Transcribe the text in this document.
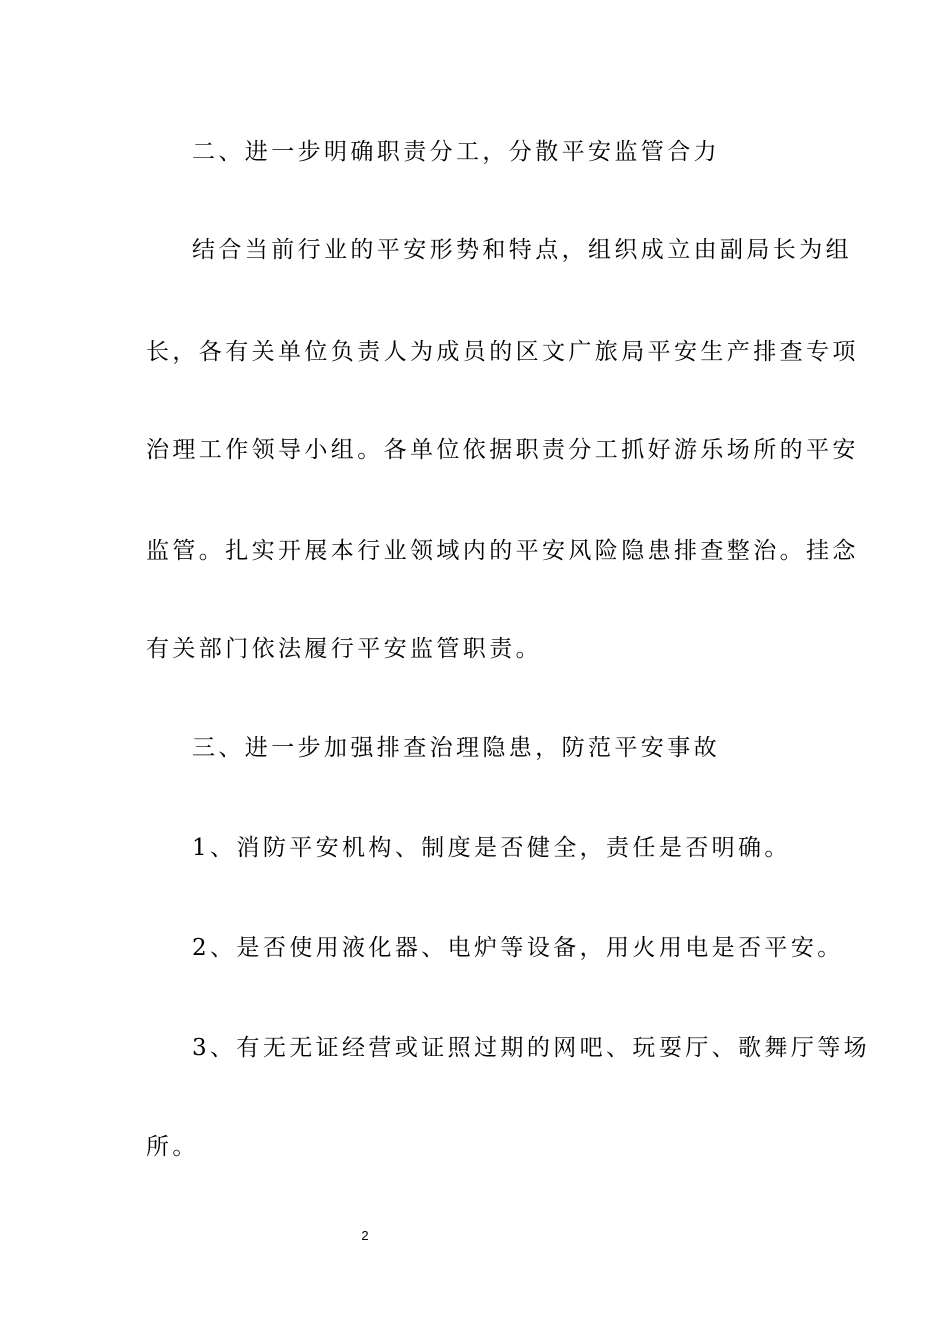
二、进一步明确职责分工，分散平安监管合力
结合当前行业的平安形势和特点，组织成立由副局长为组
长，各有关单位负责人为成员的区文广旅局平安生产排查专项
治理工作领导小组。各单位依据职责分工抓好游乐场所的平安
监管。扎实开展本行业领域内的平安风险隐患排查整治。挂念
有关部门依法履行平安监管职责。
三、进一步加强排查治理隐患，防范平安事故
1、消防平安机构、制度是否健全，责任是否明确。
2、是否使用液化器、电炉等设备，用火用电是否平安。
3、有无无证经营或证照过期的网吧、玩耍厅、歌舞厅等场
所。
2
